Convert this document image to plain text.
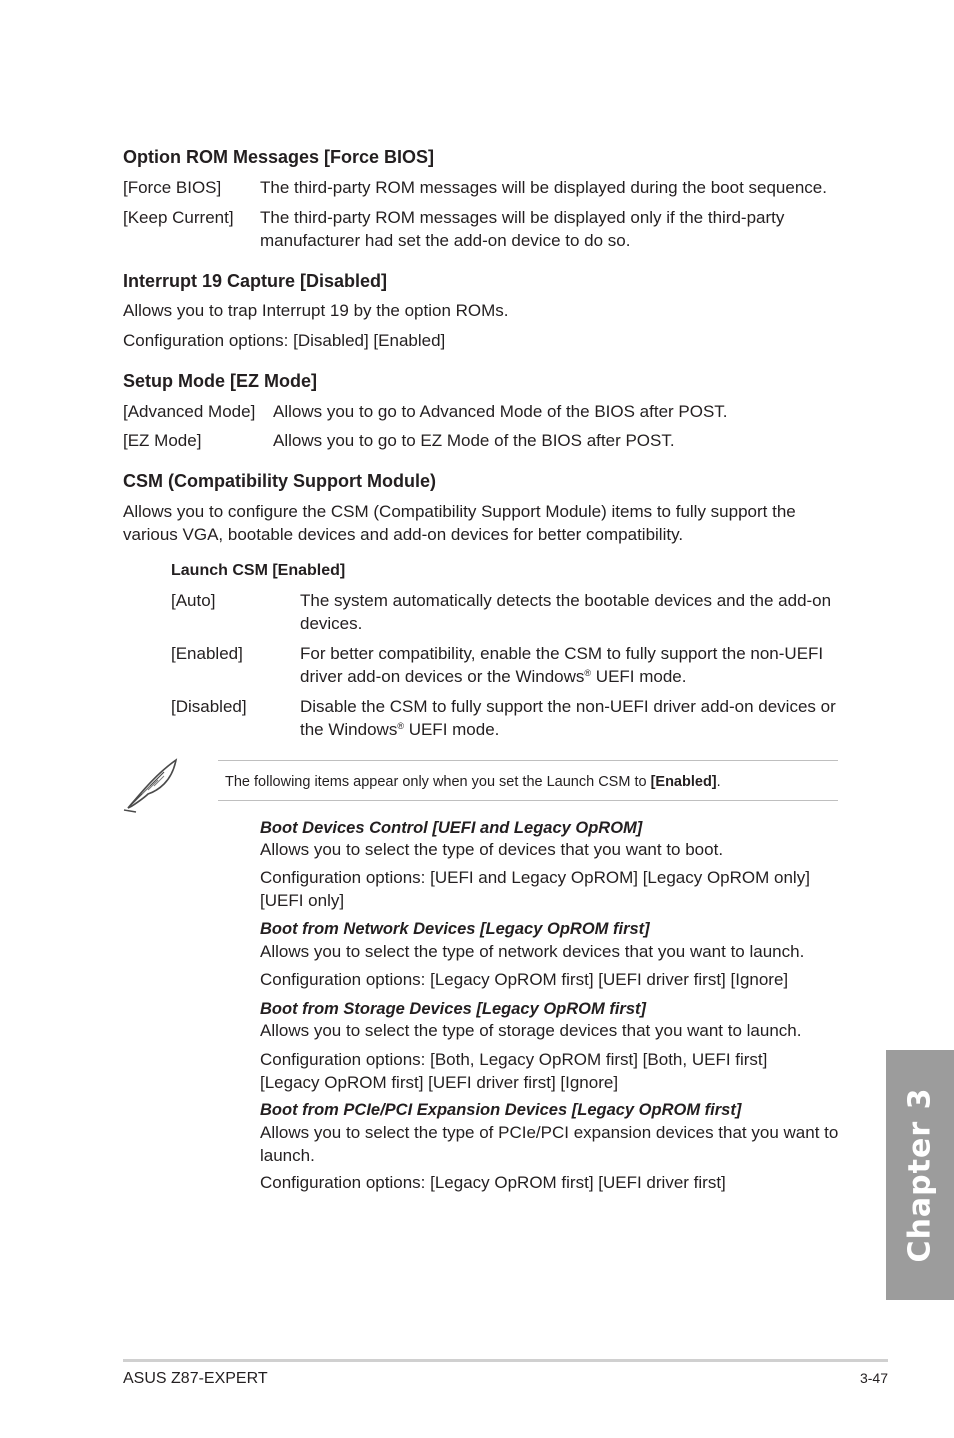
Option ROM Messages [Force BIOS]
[Force BIOS] The third-party ROM messages will be displayed during the boot sequence.
[Keep Current] The third-party ROM messages will be displayed only if the third-party manufacturer had set the add-on device to do so.
Interrupt 19 Capture [Disabled]
Allows you to trap Interrupt 19 by the option ROMs.
Configuration options: [Disabled] [Enabled]
Setup Mode [EZ Mode]
[Advanced Mode] Allows you to go to Advanced Mode of the BIOS after POST.
[EZ Mode]	Allows you to go to EZ Mode of the BIOS after POST.
CSM (Compatibility Support Module)
Allows you to configure the CSM (Compatibility Support Module) items to fully support the various VGA, bootable devices and add-on devices for better compatibility.
Launch CSM [Enabled]
[Auto]	The system automatically detects the bootable devices and the add-on devices.
[Enabled]	For better compatibility, enable the CSM to fully support the non-UEFI driver add-on devices or the Windows® UEFI mode.
[Disabled]	Disable the CSM to fully support the non-UEFI driver add-on devices or the Windows® UEFI mode.
The following items appear only when you set the Launch CSM to [Enabled].
Boot Devices Control [UEFI and Legacy OpROM]
Allows you to select the type of devices that you want to boot.
Configuration options: [UEFI and Legacy OpROM] [Legacy OpROM only] [UEFI only]
Boot from Network Devices [Legacy OpROM first]
Allows you to select the type of network devices that you want to launch.
Configuration options: [Legacy OpROM first] [UEFI driver first] [Ignore]
Boot from Storage Devices [Legacy OpROM first]
Allows you to select the type of storage devices that you want to launch.
Configuration options: [Both, Legacy OpROM first] [Both, UEFI first] [Legacy OpROM first] [UEFI driver first] [Ignore]
Boot from PCIe/PCI Expansion Devices [Legacy OpROM first]
Allows you to select the type of PCIe/PCI expansion devices that you want to launch.
Configuration options: [Legacy OpROM first] [UEFI driver first]	Chapter 3
ASUS Z87-EXPERT	3-47
